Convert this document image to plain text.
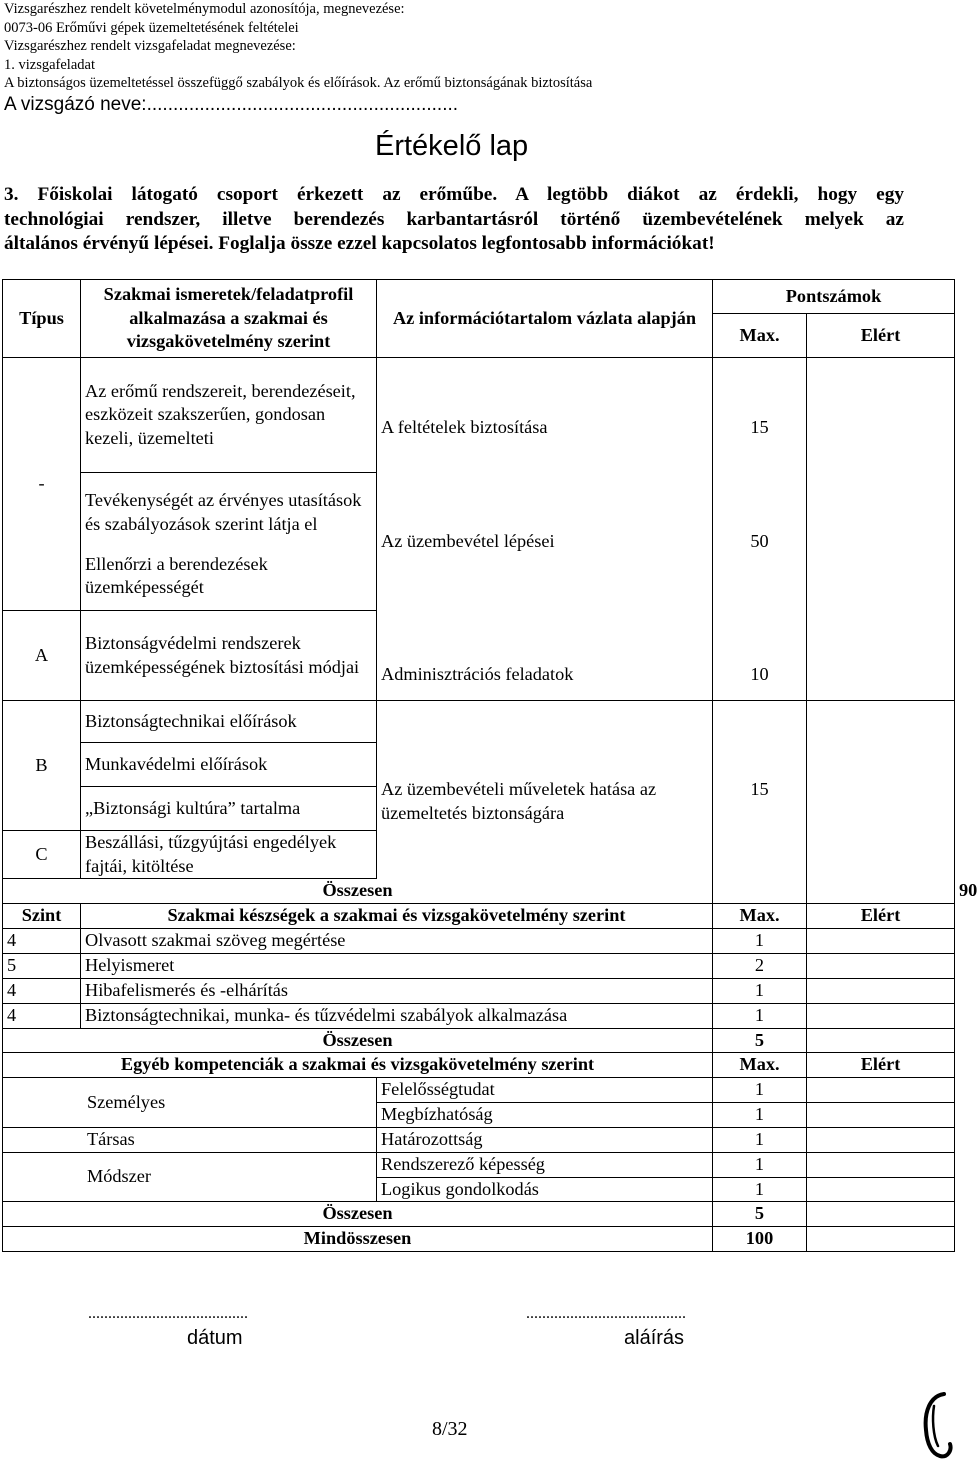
Vizsgarészhez rendelt követelménymodul azonosítója, megnevezése:
0073-06 Erőművi gépek üzemeltetésének feltételei
Vizsgarészhez rendelt vizsgafeladat megnevezése:
1. vizsgafeladat
A biztonságos üzemeltetéssel összefüggő szabályok és előírások. Az erőmű biztonságának biztosítása
A vizsgázó neve:...........................................................
Értékelő lap
3. Főiskolai látogató csoport érkezett az erőműbe. A legtöbb diákot az érdekli, hogy egy
technológiai rendszer, illetve berendezés karbantartásról történő üzembevételének melyek az
általános érvényű lépései. Foglalja össze ezzel kapcsolatos legfontosabb információkat!
Típus	Szakmai ismeretek/feladatprofil alkalmazása a szakmai és vizsgakövetelmény szerint	Az információtartalom vázlata alapján	Pontszámok		
			Max.	Elért	
-	Az erőmű rendszereit, berendezéseit, eszközeit szakszerűen, gondosan kezeli, üzemelteti	A feltételek biztosítása	15		
	Tevékenységét az érvényes utasítások és szabályozások szerint látja el	Az üzembevétel lépései	50		
	Ellenőrzi a berendezések üzemképességét				
A	Biztonságvédelmi rendszerek üzemképességének biztosítási módjai	Adminisztrációs feladatok	10		
B	Biztonságtechnikai előírások	Az üzembevételi műveletek hatása az üzemeltetés biztonságára	15		
	Munkavédelmi előírások				
	„Biztonsági kultúra” tartalma				
C	Beszállási, tűzgyújtási engedélyek fajtái, kitöltése				
Összesen					90	
Szint	Szakmai készségek a szakmai és vizsgakövetelmény szerint		Max.	Elért	
4	Olvasott szakmai szöveg megértése		1		
5	Helyismeret		2		
4	Hibafelismerés és -elhárítás		1		
4	Biztonságtechnikai, munka- és tűzvédelmi szabályok alkalmazása		1		
Összesen			5		
Egyéb kompetenciák a szakmai és vizsgakövetelmény szerint			Max.	Elért	
Személyes		Felelősségtudat	1		
		Megbízhatóság	1		
Társas		Határozottság	1		
Módszer		Rendszerező képesség	1		
		Logikus gondolkodás	1		
Összesen			5		
Mindösszesen			100		
........................................	........................................
dátum	aláírás
8/32
